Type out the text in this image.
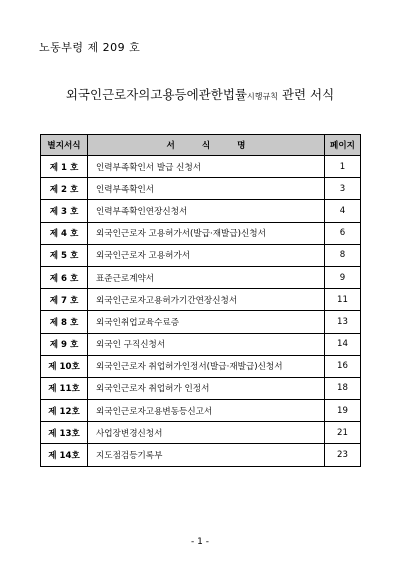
노동부령 제 209 호
외국인근로자의고용등에관한법률시행규칙 관련 서식
별지서식	서 식 명	페이지
제 1 호	인력부족확인서 발급 신청서	1
제 2 호	인력부족확인서	3
제 3 호	인력부족확인연장신청서	4
제 4 호	외국인근로자 고용허가서(발급·재발급)신청서	6
제 5 호	외국인근로자 고용허가서	8
제 6 호	표준근로계약서	9
제 7 호	외국인근로자고용허가기간연장신청서	11
제 8 호	외국인취업교육수료증	13
제 9 호	외국인 구직신청서	14
제 10호	외국인근로자 취업허가인정서(발급·재발급)신청서	16
제 11호	외국인근로자 취업허가 인정서	18
제 12호	외국인근로자고용변동등신고서	19
제 13호	사업장변경신청서	21
제 14호	지도점검등기록부	23
- 1 -
